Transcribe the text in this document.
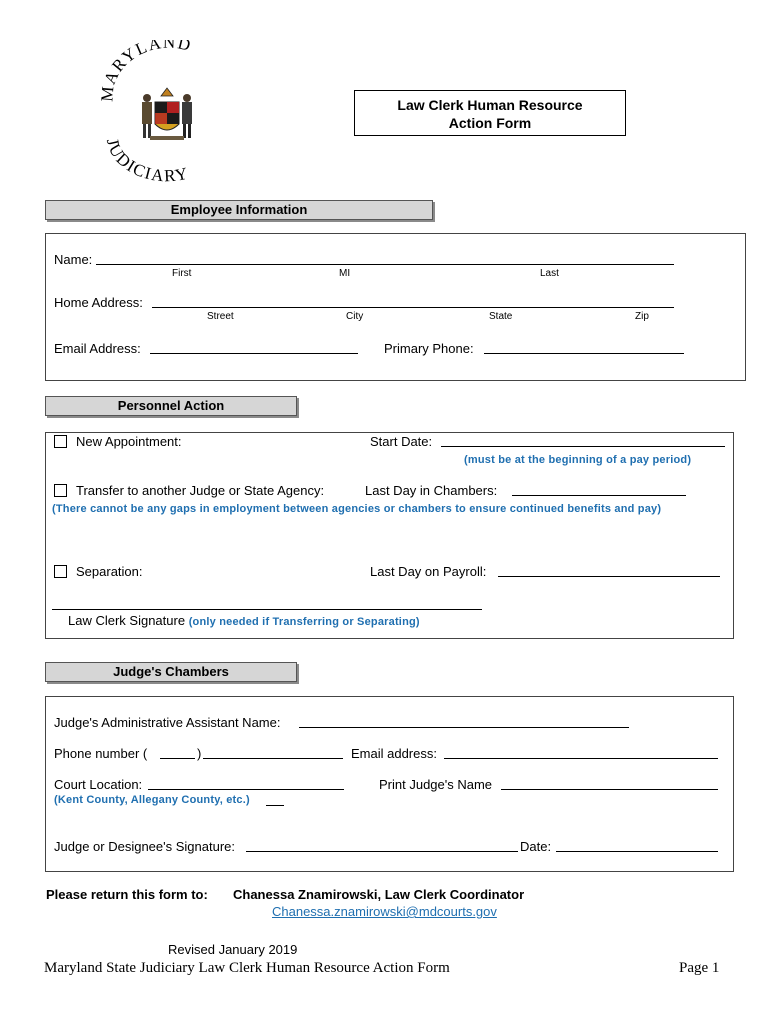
MARYLAND
JUDICIARY
Law Clerk Human Resource
Action Form
Employee Information
Name:
First	MI	Last
Home Address:
Street	City	State	Zip
Email Address:	Primary Phone:
Personnel Action
New Appointment:	Start Date:
(must be at the beginning of a pay period)
Transfer to another Judge or State Agency:	Last Day in Chambers:
(There cannot be any gaps in employment between agencies or chambers to ensure continued benefits and pay)
Separation:	Last Day on Payroll:
Law Clerk Signature (only needed if Transferring or Separating)
Judge's Chambers
Judge's Administrative Assistant Name:
Phone number (	)	Email address:
Court Location:	Print Judge's Name
(Kent County, Allegany County, etc.)
Judge or Designee's Signature:	Date:
Please return this form to: Chanessa Znamirowski, Law Clerk Coordinator
Chanessa.znamirowski@mdcourts.gov
Revised January 2019
Maryland State Judiciary Law Clerk Human Resource Action Form	Page 1
